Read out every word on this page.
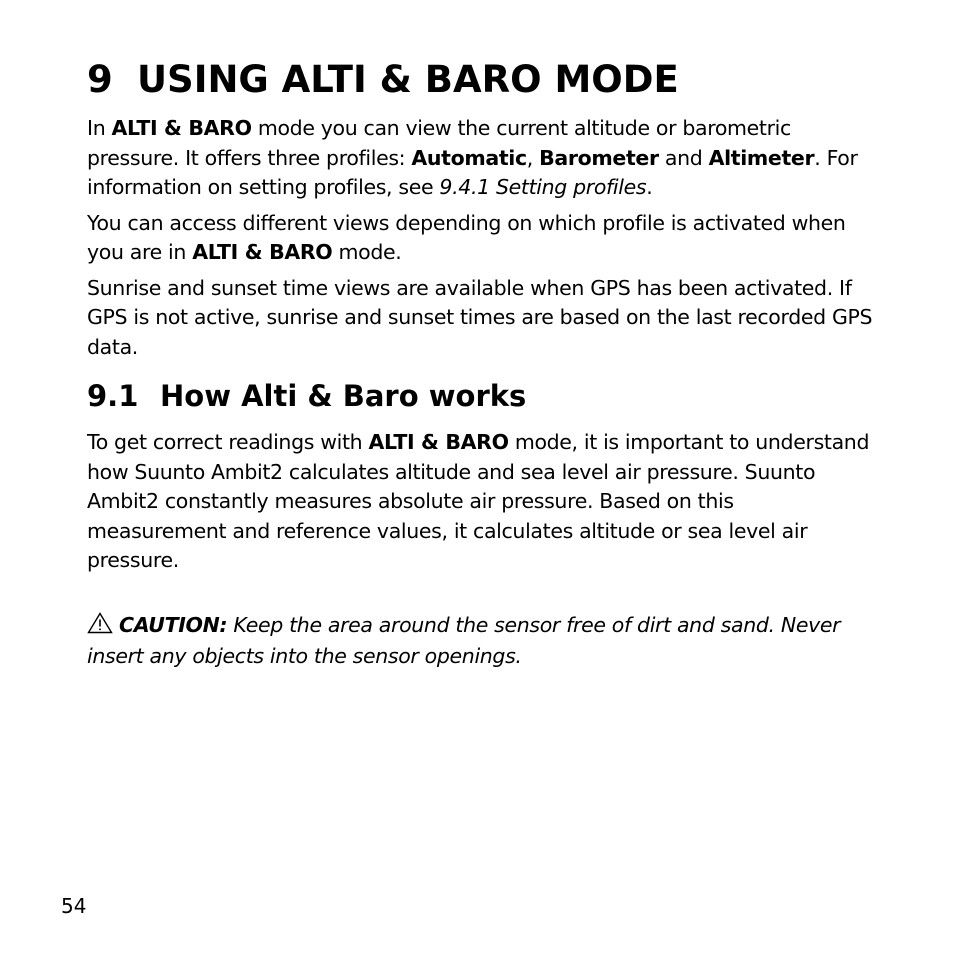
9 USING ALTI & BARO MODE

In ALTI & BARO mode you can view the current altitude or barometric pressure. It offers three profiles: Automatic, Barometer and Altimeter. For information on setting profiles, see 9.4.1 Setting profiles.

You can access different views depending on which profile is activated when you are in ALTI & BARO mode.

Sunrise and sunset time views are available when GPS has been activated. If GPS is not active, sunrise and sunset times are based on the last recorded GPS data.

9.1 How Alti & Baro works

To get correct readings with ALTI & BARO mode, it is important to understand how Suunto Ambit2 calculates altitude and sea level air pressure. Suunto Ambit2 constantly measures absolute air pressure. Based on this measurement and reference values, it calculates altitude or sea level air pressure.

CAUTION: Keep the area around the sensor free of dirt and sand. Never insert any objects into the sensor openings.

54
